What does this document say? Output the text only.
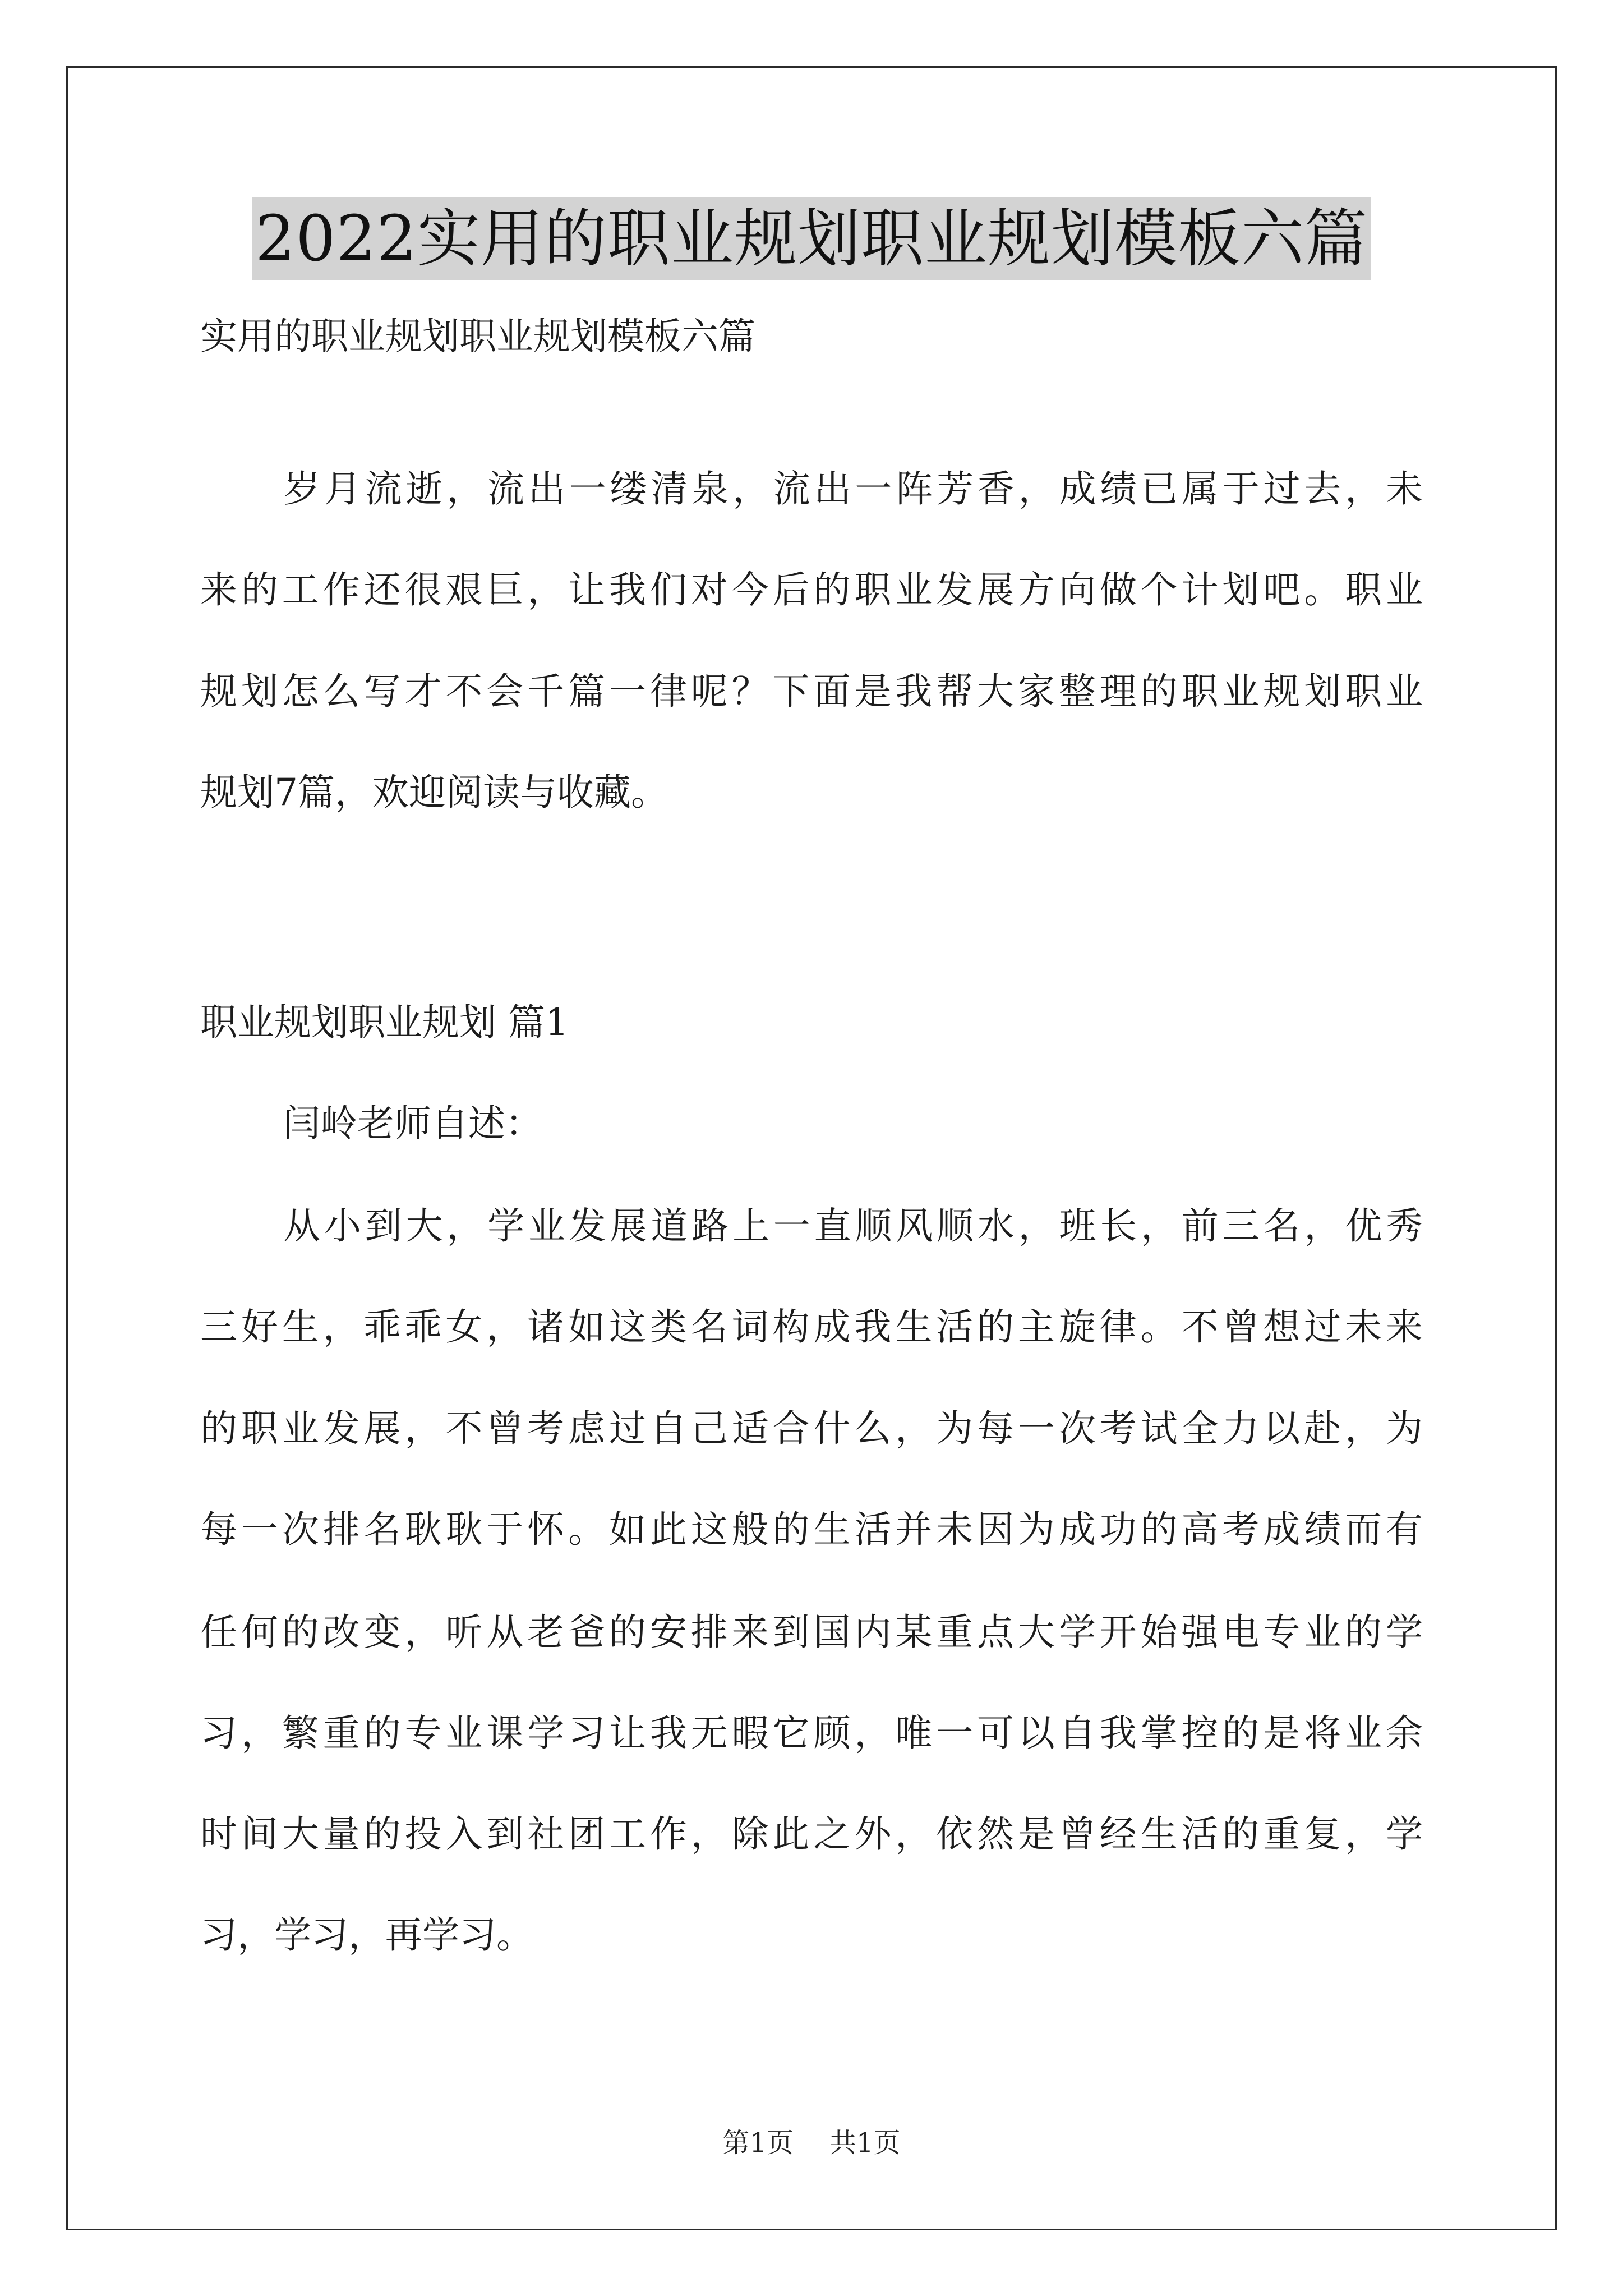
2022实用的职业规划职业规划模板六篇
实用的职业规划职业规划模板六篇
岁月流逝，流出一缕清泉，流出一阵芳香，成绩已属于过去，未
来的工作还很艰巨，让我们对今后的职业发展方向做个计划吧。职业
规划怎么写才不会千篇一律呢？下面是我帮大家整理的职业规划职业
规划7篇，欢迎阅读与收藏。
职业规划职业规划 篇1
闫岭老师自述：
从小到大，学业发展道路上一直顺风顺水，班长，前三名，优秀
三好生，乖乖女，诸如这类名词构成我生活的主旋律。不曾想过未来
的职业发展，不曾考虑过自己适合什么，为每一次考试全力以赴，为
每一次排名耿耿于怀。如此这般的生活并未因为成功的高考成绩而有
任何的改变，听从老爸的安排来到国内某重点大学开始强电专业的学
习，繁重的专业课学习让我无暇它顾，唯一可以自我掌控的是将业余
时间大量的投入到社团工作，除此之外，依然是曾经生活的重复，学
习，学习，再学习。
第1页 共1页
